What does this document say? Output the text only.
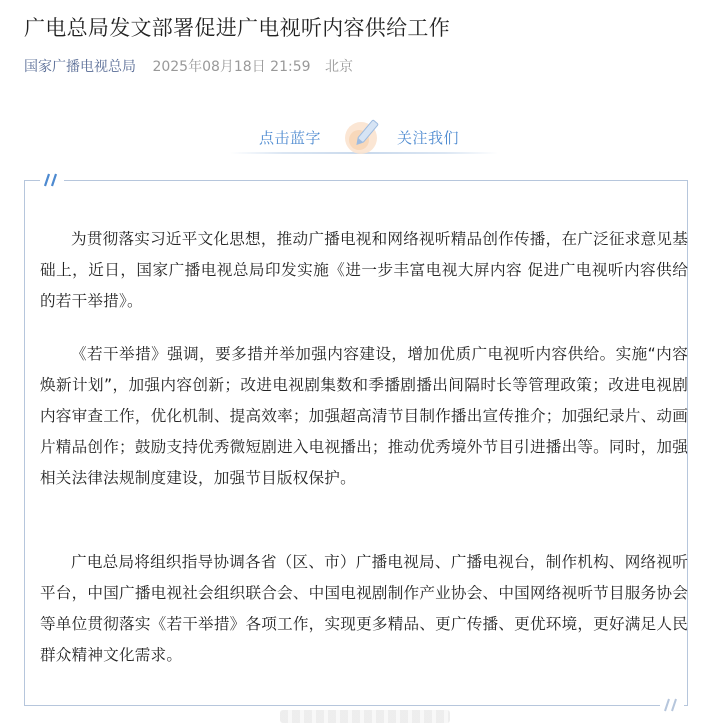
广电总局发文部署促进广电视听内容供给工作
国家广播电视总局 2025年08月18日 21:59 北京
点击蓝字	关注我们

为贯彻落实习近平文化思想，推动广播电视和网络视听精品创作传播，在广泛征求意见基础上，近日，国家广播电视总局印发实施《进一步丰富电视大屏内容 促进广电视听内容供给的若干举措》。

《若干举措》强调，要多措并举加强内容建设，增加优质广电视听内容供给。实施“内容焕新计划”，加强内容创新；改进电视剧集数和季播剧播出间隔时长等管理政策；改进电视剧内容审查工作，优化机制、提高效率；加强超高清节目制作播出宣传推介；加强纪录片、动画片精品创作；鼓励支持优秀微短剧进入电视播出；推动优秀境外节目引进播出等。同时，加强相关法律法规制度建设，加强节目版权保护。

广电总局将组织指导协调各省（区、市）广播电视局、广播电视台，制作机构、网络视听平台，中国广播电视社会组织联合会、中国电视剧制作产业协会、中国网络视听节目服务协会等单位贯彻落实《若干举措》各项工作，实现更多精品、更广传播、更优环境，更好满足人民群众精神文化需求。
